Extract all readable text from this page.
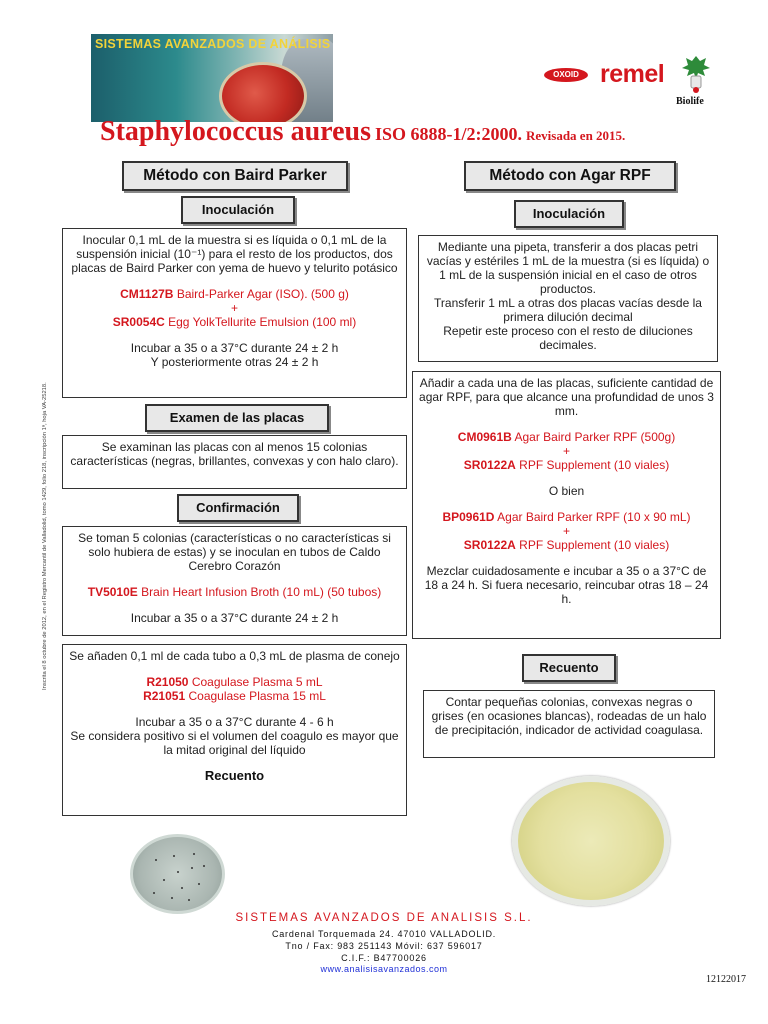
SISTEMAS AVANZADOS DE ANÁLISIS
OXOID remel
Biolife
Staphylococcus aureus ISO 6888-1/2:2000. Revisada en 2015.
Método con Baird Parker
Inoculación

Inocular 0,1 mL de la muestra si es líquida o 0,1 mL de la suspensión inicial (10⁻¹) para el resto de los productos, dos placas de Baird Parker con yema de huevo y telurito potásico

CM1127B Baird-Parker Agar (ISO). (500 g)

+

SR0054C Egg YolkTellurite Emulsion (100 ml)

Incubar a 35 o a 37°C durante 24 ± 2 h

Y posteriormente otras 24 ± 2 h

Examen de las placas

Se examinan las placas con al menos 15 colonias características (negras, brillantes, convexas y con halo claro).

Confirmación

Se toman 5 colonias (características o no características si solo hubiera de estas) y se inoculan en tubos de Caldo Cerebro Corazón

TV5010E Brain Heart Infusion Broth (10 mL) (50 tubos)

Incubar a 35 o a 37°C durante 24 ± 2 h

Se añaden 0,1 ml de cada tubo a 0,3 mL de plasma de conejo

R21050 Coagulase Plasma 5 mL

R21051 Coagulase Plasma 15 mL

Incubar a 35 o a 37°C durante 4 - 6 h

Se considera positivo si el volumen del coagulo es mayor que la mitad original del líquido

Recuento

Método con Agar RPF
Inoculación

Mediante una pipeta, transferir a dos placas petri vacías y estériles 1 mL de la muestra (si es líquida) o 1 mL de la suspensión inicial en el caso de otros productos.

Transferir 1 mL a otras dos placas vacías desde la primera dilución decimal

Repetir este proceso con el resto de diluciones decimales.

Añadir a cada una de las placas, suficiente cantidad de agar RPF, para que alcance una profundidad de unos 3 mm.

CM0961B Agar Baird Parker RPF (500g)

+

SR0122A RPF Supplement (10 viales)

O bien

BP0961D Agar Baird Parker RPF (10 x 90 mL)

+

SR0122A RPF Supplement (10 viales)

Mezclar cuidadosamente e incubar a 35 o a 37°C de 18 a 24 h. Si fuera necesario, reincubar otras 18 – 24 h.

Recuento

Contar pequeñas colonias, convexas negras o grises (en ocasiones blancas), rodeadas de un halo de precipitación, indicador de actividad coagulasa.

Inscrita el 8 octubre de 2012, en el Registro Mercantil de Valladolid, tomo 1429, folio 218, inscripción 1ª, hoja VA-25218.
SISTEMAS AVANZADOS DE ANALISIS S.L.
Cardenal Torquemada 24. 47010 VALLADOLID.
Tno / Fax: 983 251143 Móvil: 637 596017
C.I.F.: B47700026
www.analisisavanzados.com
12122017
